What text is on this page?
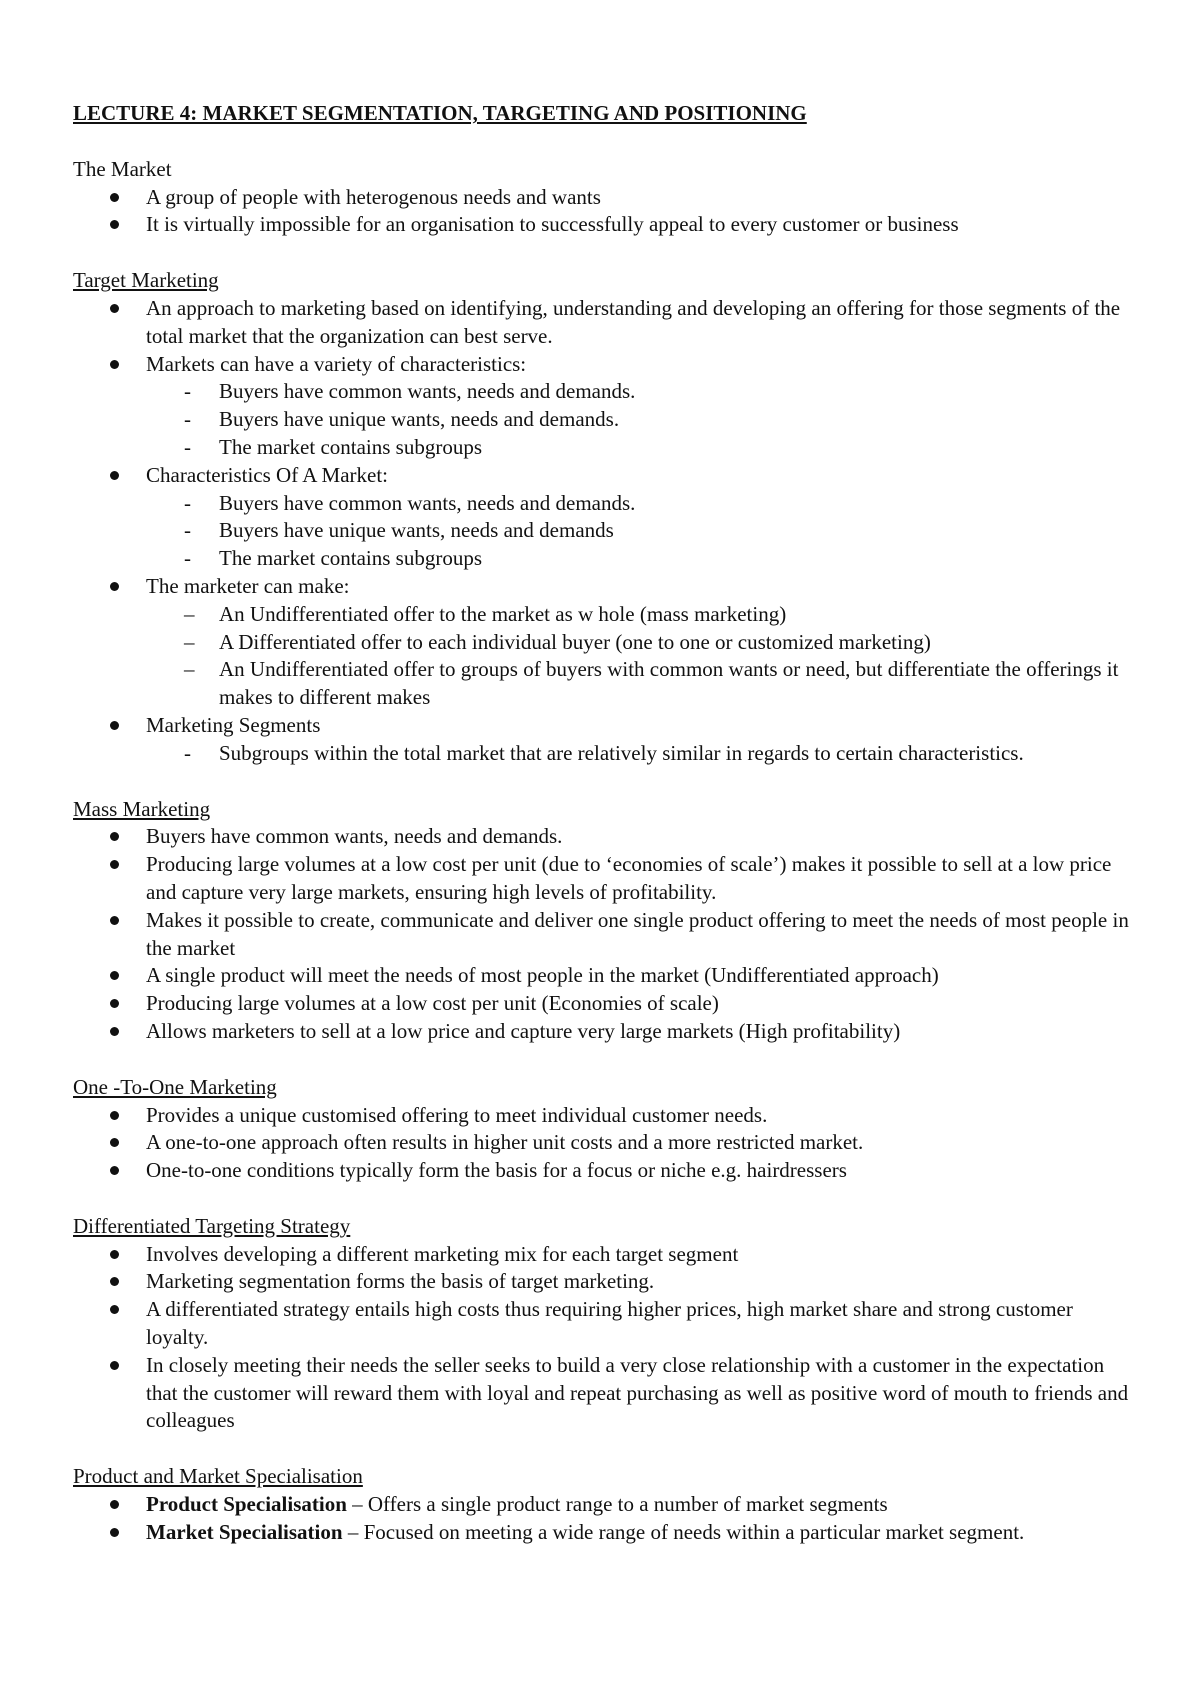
LECTURE 4: MARKET SEGMENTATION, TARGETING AND POSITIONING
The Market
A group of people with heterogenous needs and wants
It is virtually impossible for an organisation to successfully appeal to every customer or business
Target Marketing
An approach to marketing based on identifying, understanding and developing an offering for those segments of the total market that the organization can best serve.
Markets can have a variety of characteristics:
- Buyers have common wants, needs and demands.
- Buyers have unique wants, needs and demands.
- The market contains subgroups
Characteristics Of A Market:
- Buyers have common wants, needs and demands.
- Buyers have unique wants, needs and demands
- The market contains subgroups
The marketer can make:
– An Undifferentiated offer to the market as w hole (mass marketing)
– A Differentiated offer to each individual buyer (one to one or customized marketing)
– An Undifferentiated offer to groups of buyers with common wants or need, but differentiate the offerings it makes to different makes
Marketing Segments
- Subgroups within the total market that are relatively similar in regards to certain characteristics.
Mass Marketing
Buyers have common wants, needs and demands.
Producing large volumes at a low cost per unit (due to ‘economies of scale’) makes it possible to sell at a low price and capture very large markets, ensuring high levels of profitability.
Makes it possible to create, communicate and deliver one single product offering to meet the needs of most people in the market
A single product will meet the needs of most people in the market (Undifferentiated approach)
Producing large volumes at a low cost per unit (Economies of scale)
Allows marketers to sell at a low price and capture very large markets (High profitability)
One -To-One Marketing
Provides a unique customised offering to meet individual customer needs.
A one-to-one approach often results in higher unit costs and a more restricted market.
One-to-one conditions typically form the basis for a focus or niche e.g. hairdressers
Differentiated Targeting Strategy
Involves developing a different marketing mix for each target segment
Marketing segmentation forms the basis of target marketing.
A differentiated strategy entails high costs thus requiring higher prices, high market share and strong customer loyalty.
In closely meeting their needs the seller seeks to build a very close relationship with a customer in the expectation that the customer will reward them with loyal and repeat purchasing as well as positive word of mouth to friends and colleagues
Product and Market Specialisation
Product Specialisation – Offers a single product range to a number of market segments
Market Specialisation – Focused on meeting a wide range of needs within a particular market segment.
